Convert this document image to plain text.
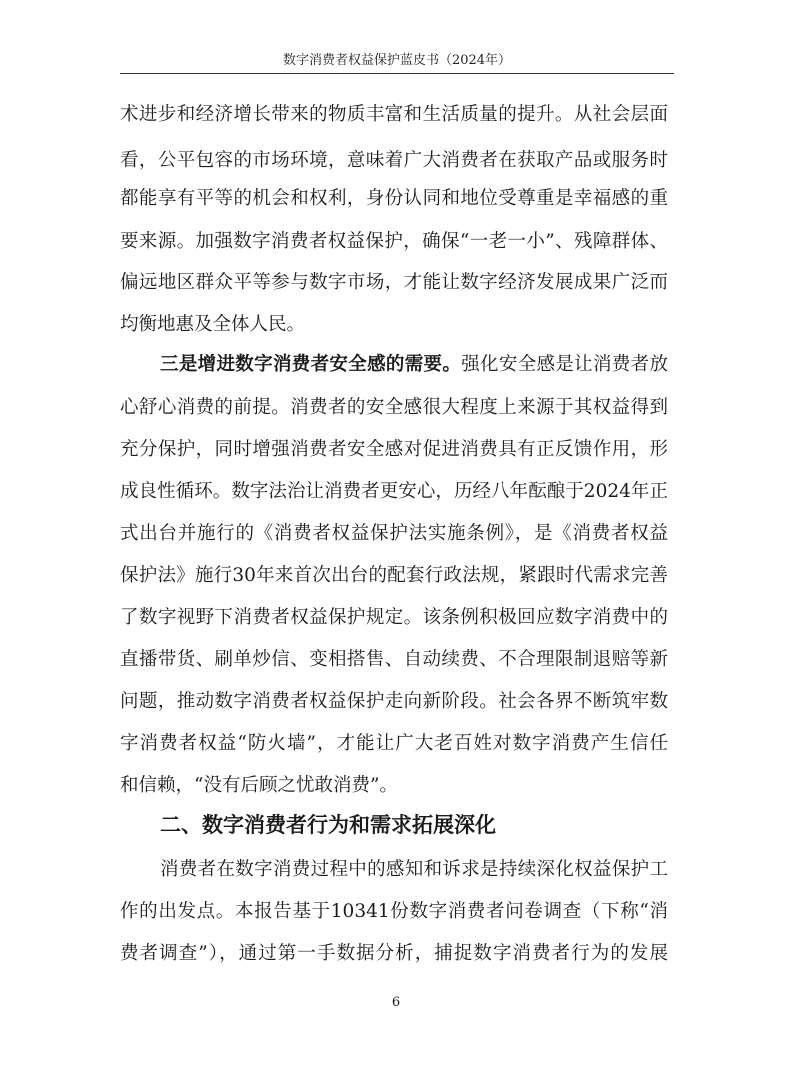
数字消费者权益保护蓝皮书（2024年）
术进步和经济增长带来的物质丰富和生活质量的提升。从社会层面
看，公平包容的市场环境，意味着广大消费者在获取产品或服务时
都能享有平等的机会和权利，身份认同和地位受尊重是幸福感的重
要来源。加强数字消费者权益保护，确保“一老一小”、残障群体、
偏远地区群众平等参与数字市场，才能让数字经济发展成果广泛而
均衡地惠及全体人民。
三是增进数字消费者安全感的需要。强化安全感是让消费者放
心舒心消费的前提。消费者的安全感很大程度上来源于其权益得到
充分保护，同时增强消费者安全感对促进消费具有正反馈作用，形
成良性循环。数字法治让消费者更安心，历经八年酝酿于2024年正
式出台并施行的《消费者权益保护法实施条例》，是《消费者权益
保护法》施行30年来首次出台的配套行政法规，紧跟时代需求完善
了数字视野下消费者权益保护规定。该条例积极回应数字消费中的
直播带货、刷单炒信、变相搭售、自动续费、不合理限制退赔等新
问题，推动数字消费者权益保护走向新阶段。社会各界不断筑牢数
字消费者权益“防火墙”，才能让广大老百姓对数字消费产生信任
和信赖，“没有后顾之忧敢消费”。
二、数字消费者行为和需求拓展深化
消费者在数字消费过程中的感知和诉求是持续深化权益保护工
作的出发点。本报告基于10341份数字消费者问卷调查（下称“消
费者调查”），通过第一手数据分析，捕捉数字消费者行为的发展
6
